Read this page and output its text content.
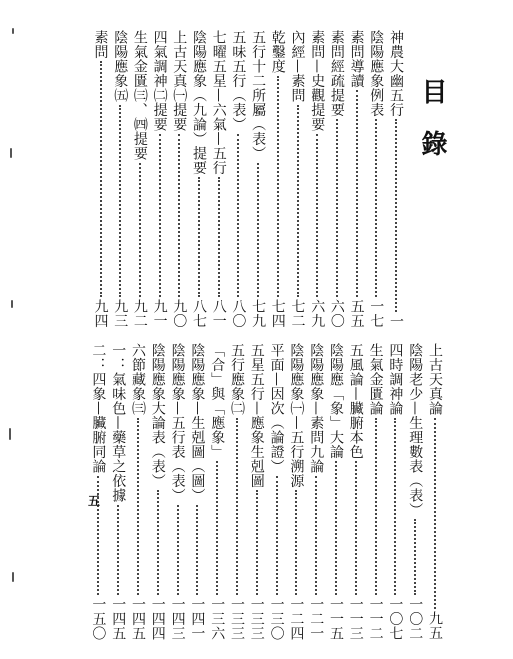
目錄
神農大幽五行
一
陰陽應象例表
一七
素問導讀
五五
素問經疏提要
六〇
素問—史觀提要
六九
內經—素問
七二
乾鑿度
七四
五行十二所屬（表）
七九
五味五行（表）
八〇
七曜五星—六氣—五行
八一
陰陽應象（九論）提要
八七
上古天真㈠提要
九〇
四氣調神㈡提要
九一
生氣金匱㈢、㈣提要
九二
陰陽應象㈤
九三
素問
九四
上古天真論
九五
陰陽老少—生理數表（表）
一〇二
四時調神論
一〇七
生氣金匱論
一一二
五風論—臟腑本色
一一三
陰陽應「象」大論
一一五
陰陽應象—素問九論
一二一
陰陽應象㈠—五行溯源
一二四
平面—因次（論證）
一三〇
五星五行—應象生剋圖
一三三
五行應象㈡
一三三
「合」與「應象」
一三六
陰陽應象—生剋圖（圖）
一四一
陰陽應象—五行表（表）
一四三
陰陽應象大論表（表）
一四四
六節藏象㈢
一四五
一：氣味色—藥草之依據
一四五
二：四象—臟腑同論
一五〇
五
